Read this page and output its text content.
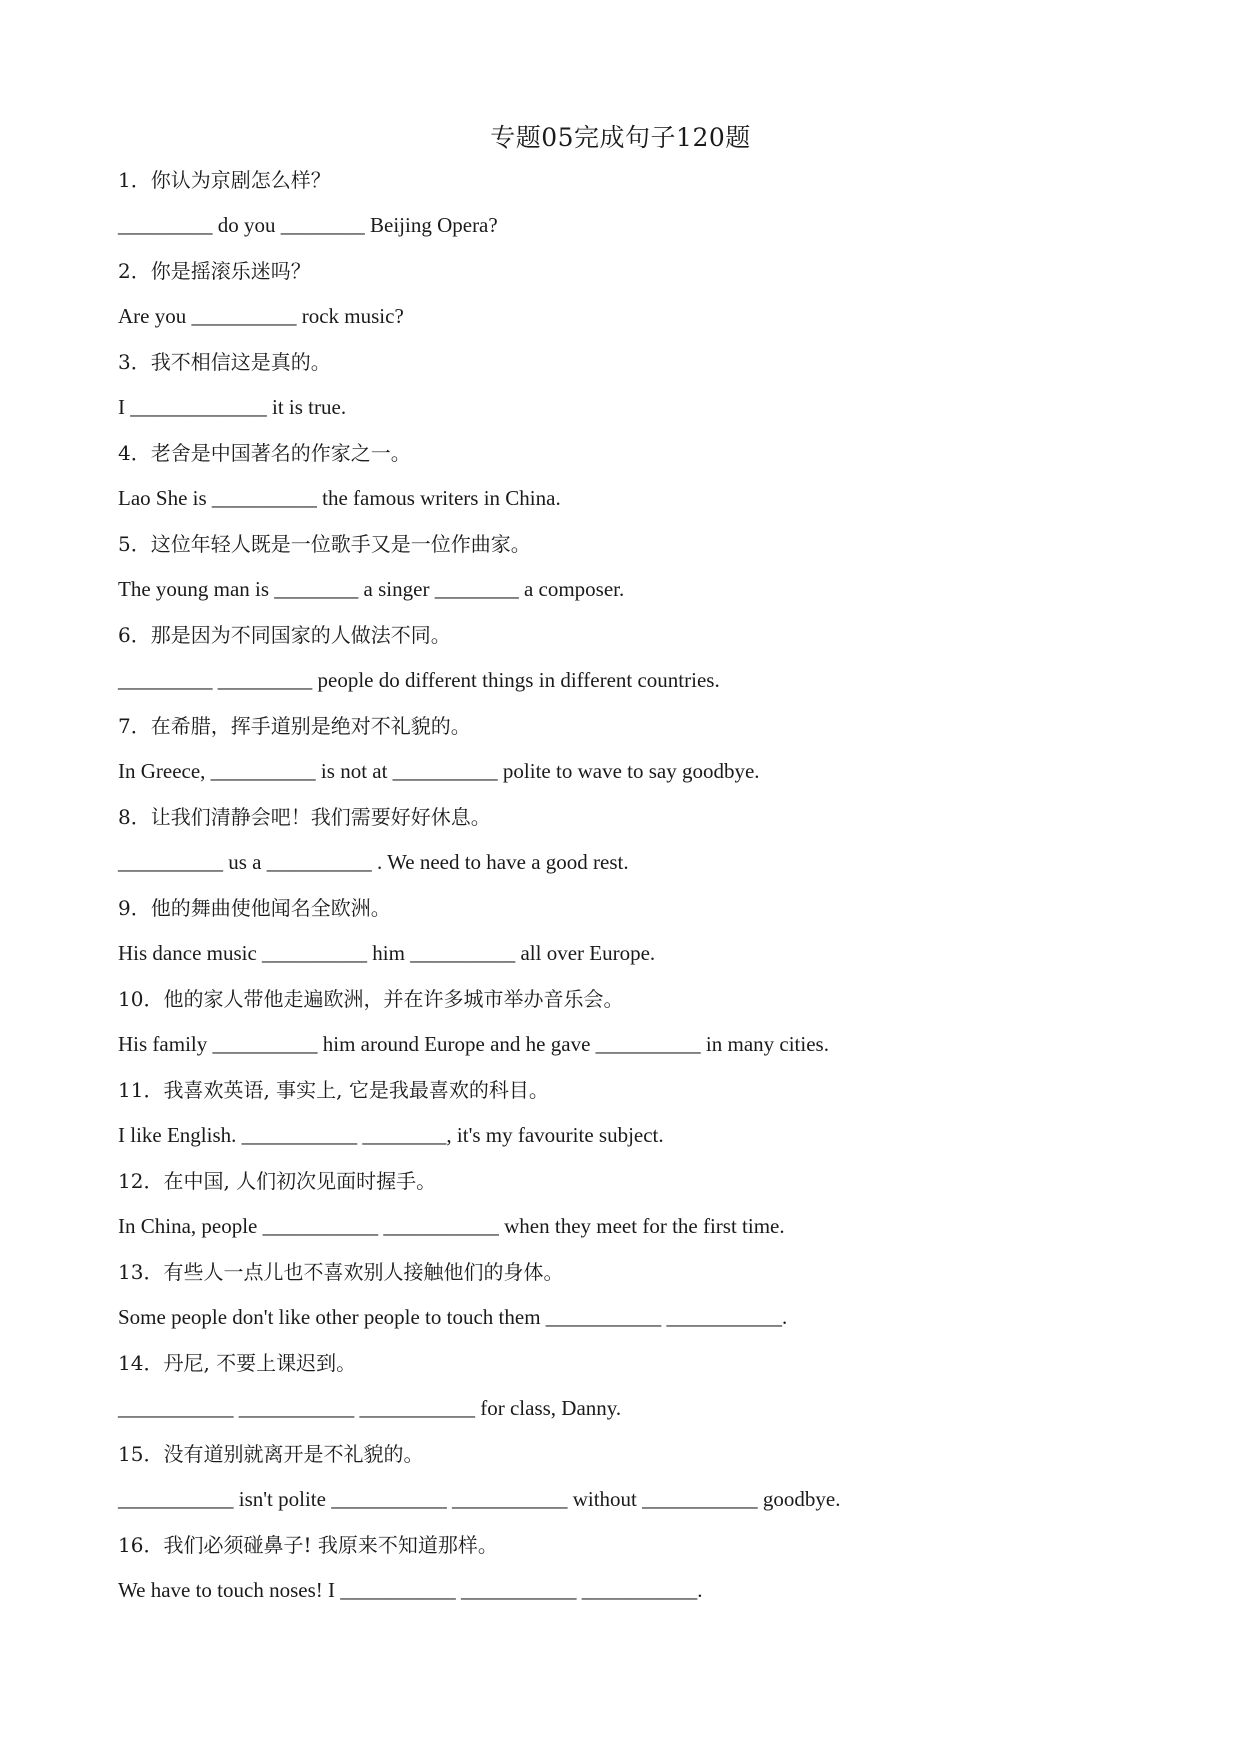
专题05完成句子120题
1．你认为京剧怎么样？
_________ do you ________ Beijing Opera?
2．你是摇滚乐迷吗？
Are you __________ rock music?
3．我不相信这是真的。
I _____________ it is true.
4．老舍是中国著名的作家之一。
Lao She is __________ the famous writers in China.
5．这位年轻人既是一位歌手又是一位作曲家。
The young man is ________ a singer ________ a composer.
6．那是因为不同国家的人做法不同。
_________ _________ people do different things in different countries.
7．在希腊，挥手道别是绝对不礼貌的。
In Greece, __________ is not at __________ polite to wave to say goodbye.
8．让我们清静会吧！我们需要好好休息。
__________ us a __________ . We need to have a good rest.
9．他的舞曲使他闻名全欧洲。
His dance music __________ him __________ all over Europe.
10．他的家人带他走遍欧洲，并在许多城市举办音乐会。
His family __________ him around Europe and he gave __________ in many cities.
11．我喜欢英语, 事实上, 它是我最喜欢的科目。
I like English. ___________ ________, it's my favourite subject.
12．在中国, 人们初次见面时握手。
In China, people ___________ ___________ when they meet for the first time.
13．有些人一点儿也不喜欢别人接触他们的身体。
Some people don't like other people to touch them ___________ ___________.
14．丹尼, 不要上课迟到。
___________ ___________ ___________ for class, Danny.
15．没有道别就离开是不礼貌的。
___________ isn't polite ___________ ___________ without ___________ goodbye.
16．我们必须碰鼻子! 我原来不知道那样。
We have to touch noses! I ___________ ___________ ___________.
